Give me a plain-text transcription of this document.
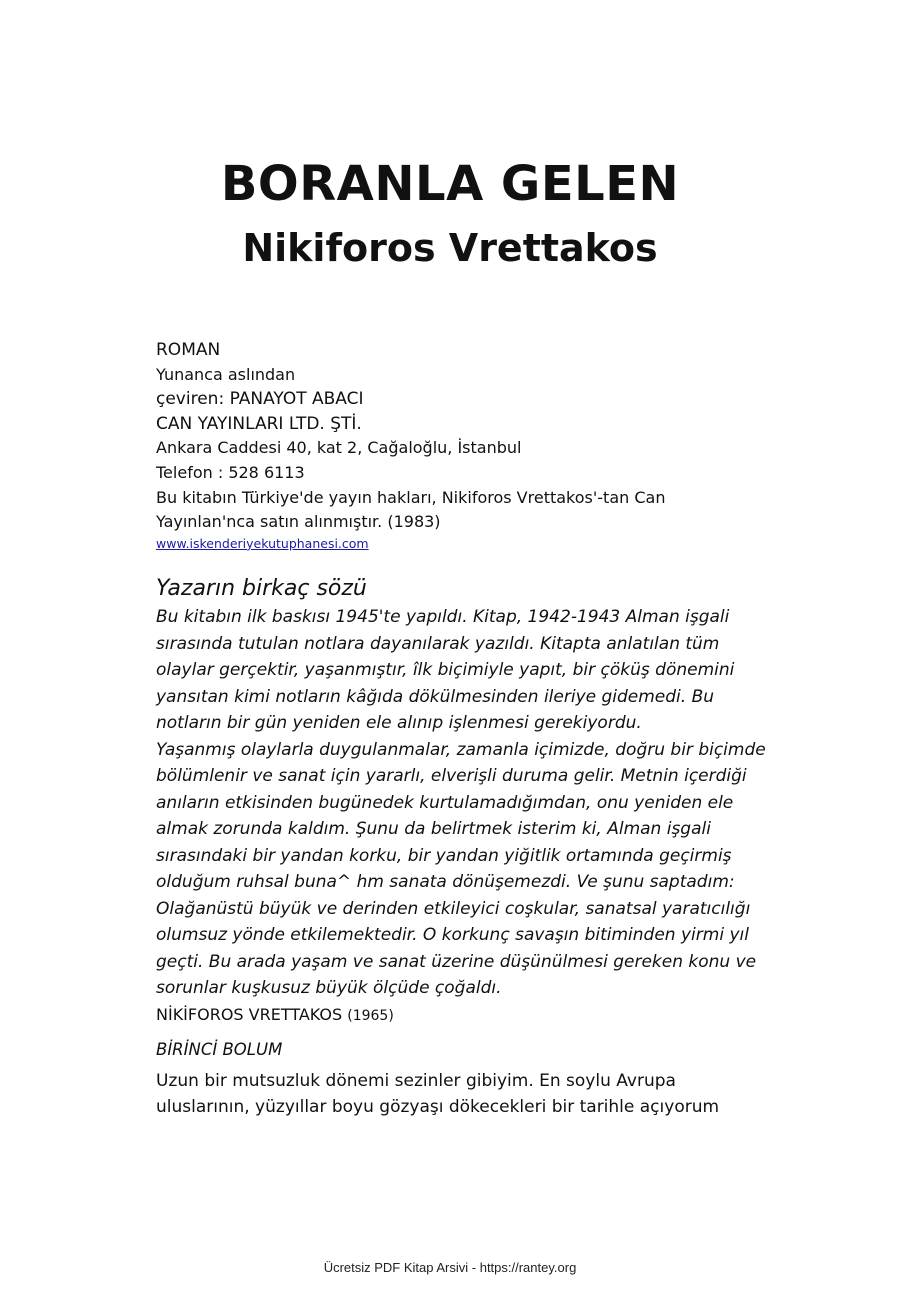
BORANLA GELEN
Nikiforos Vrettakos
ROMAN
Yunanca aslından
çeviren: PANAYOT ABACI
CAN YAYINLARI LTD. ŞTİ.
Ankara Caddesi 40, kat 2, Cağaloğlu, İstanbul
Telefon : 528 6113
Bu kitabın Türkiye'de yayın hakları, Nikiforos Vrettakos'-tan Can
Yayınlan'nca satın alınmıştır. (1983)
www.iskenderiyekutuphanesi.com
Yazarın birkaç sözü

Bu kitabın ilk baskısı 1945'te yapıldı. Kitap, 1942-1943 Alman işgali sırasında tutulan notlara dayanılarak yazıldı. Kitapta anlatılan tüm olaylar gerçektir, yaşanmıştır, îlk biçimiyle yapıt, bir çöküş dönemini yansıtan kimi notların kâğıda dökülmesinden ileriye gidemedi. Bu notların bir gün yeniden ele alınıp işlenmesi gerekiyordu.

Yaşanmış olaylarla duygulanmalar, zamanla içimizde, doğru bir biçimde bölümlenir ve sanat için yararlı, elverişli duruma gelir. Metnin içerdiği anıların etkisinden bugünedek kurtulamadığımdan, onu yeniden ele almak zorunda kaldım. Şunu da belirtmek isterim ki, Alman işgali sırasındaki bir yandan korku, bir yandan yiğitlik ortamında geçirmiş olduğum ruhsal buna^ hm sanata dönüşemezdi. Ve şunu saptadım: Olağanüstü büyük ve derinden etkileyici coşkular, sanatsal yaratıcılığı olumsuz yönde etkilemektedir. O korkunç savaşın bitiminden yirmi yıl geçti. Bu arada yaşam ve sanat üzerine düşünülmesi gereken konu ve sorunlar kuşkusuz büyük ölçüde çoğaldı.

NİKİFOROS VRETTAKOS (1965)
BİRİNCİ BOLUM
Uzun bir mutsuzluk dönemi sezinler gibiyim. En soylu Avrupa
uluslarının, yüzyıllar boyu gözyaşı dökecekleri bir tarihle açıyorum
Ücretsiz PDF Kitap Arsivi - https://rantey.org
